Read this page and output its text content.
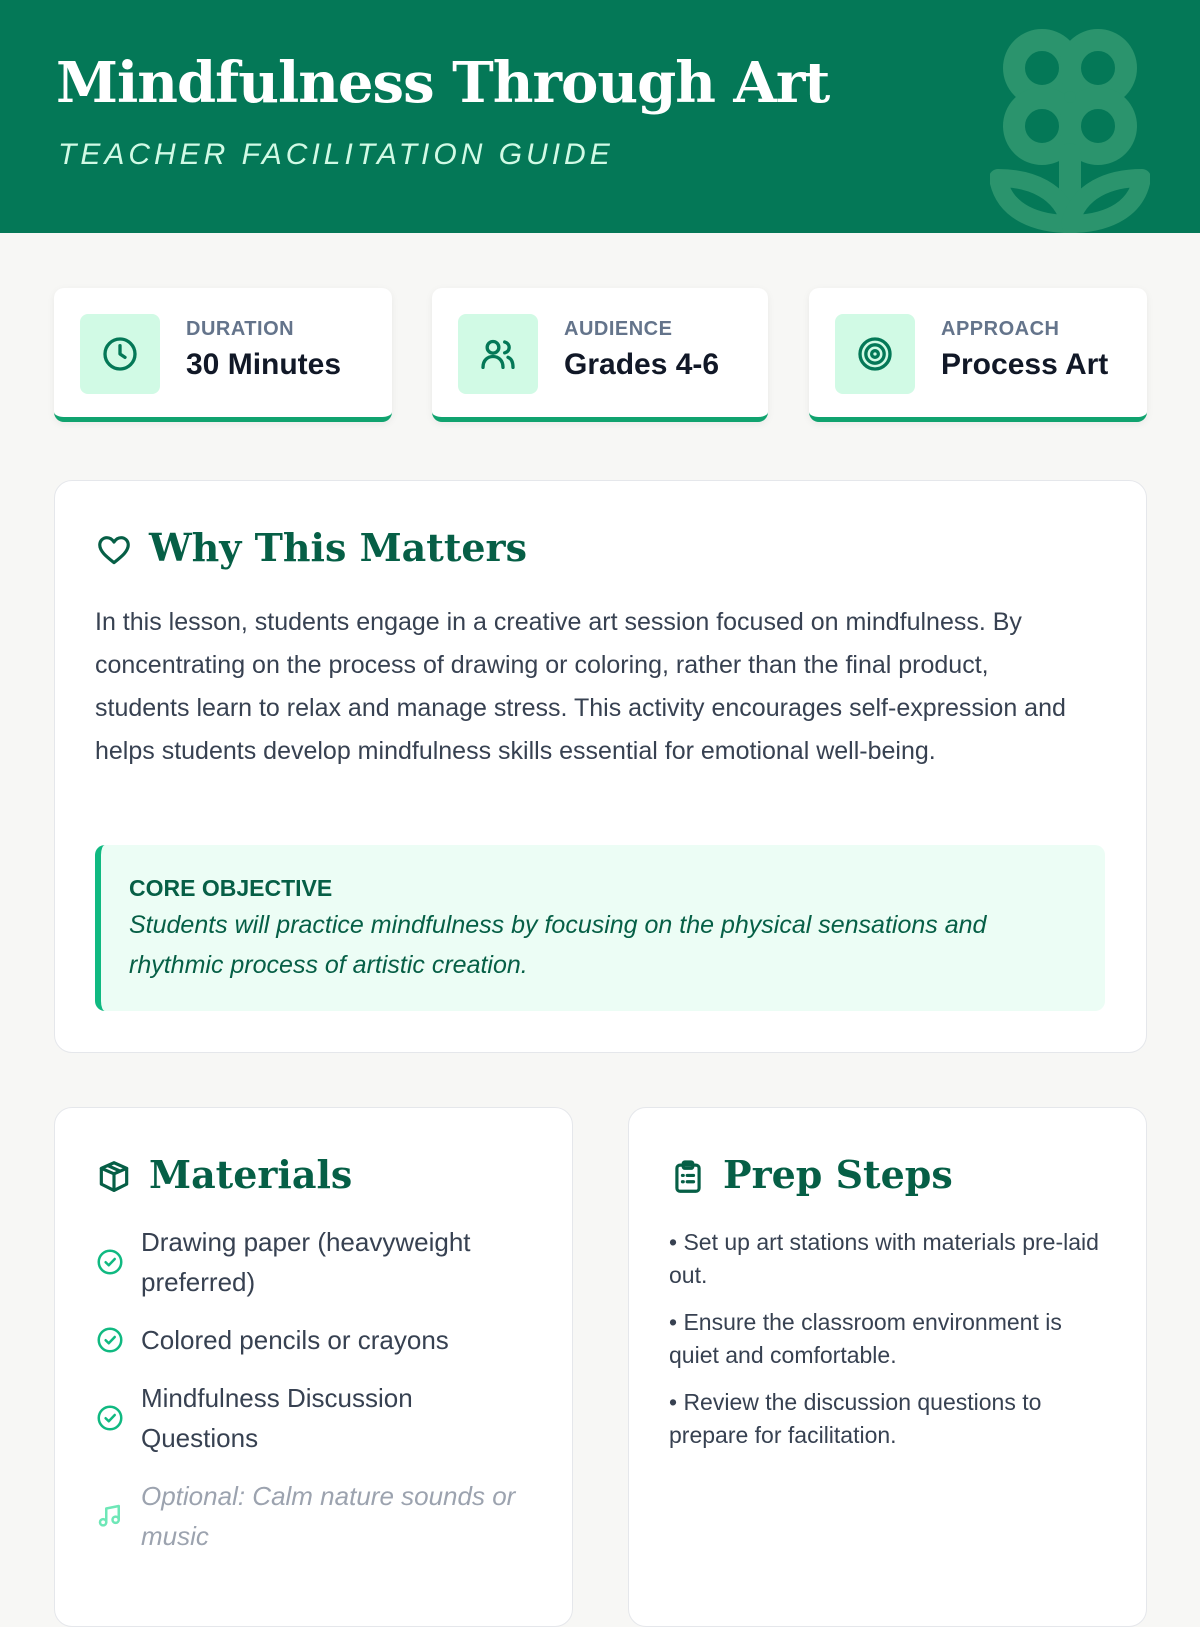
Mindfulness Through Art
TEACHER FACILITATION GUIDE
DURATION
30 Minutes
AUDIENCE
Grades 4-6
APPROACH
Process Art
Why This Matters

In this lesson, students engage in a creative art session focused on mindfulness. By concentrating on the process of drawing or coloring, rather than the final product, students learn to relax and manage stress. This activity encourages self-expression and helps students develop mindfulness skills essential for emotional well-being.

CORE OBJECTIVE
Students will practice mindfulness by focusing on the physical sensations and rhythmic process of artistic creation.
Materials
Drawing paper (heavyweight preferred)
Colored pencils or crayons
Mindfulness Discussion Questions
Optional: Calm nature sounds or music
Prep Steps
• Set up art stations with materials pre-laid out.
• Ensure the classroom environment is quiet and comfortable.
• Review the discussion questions to prepare for facilitation.
